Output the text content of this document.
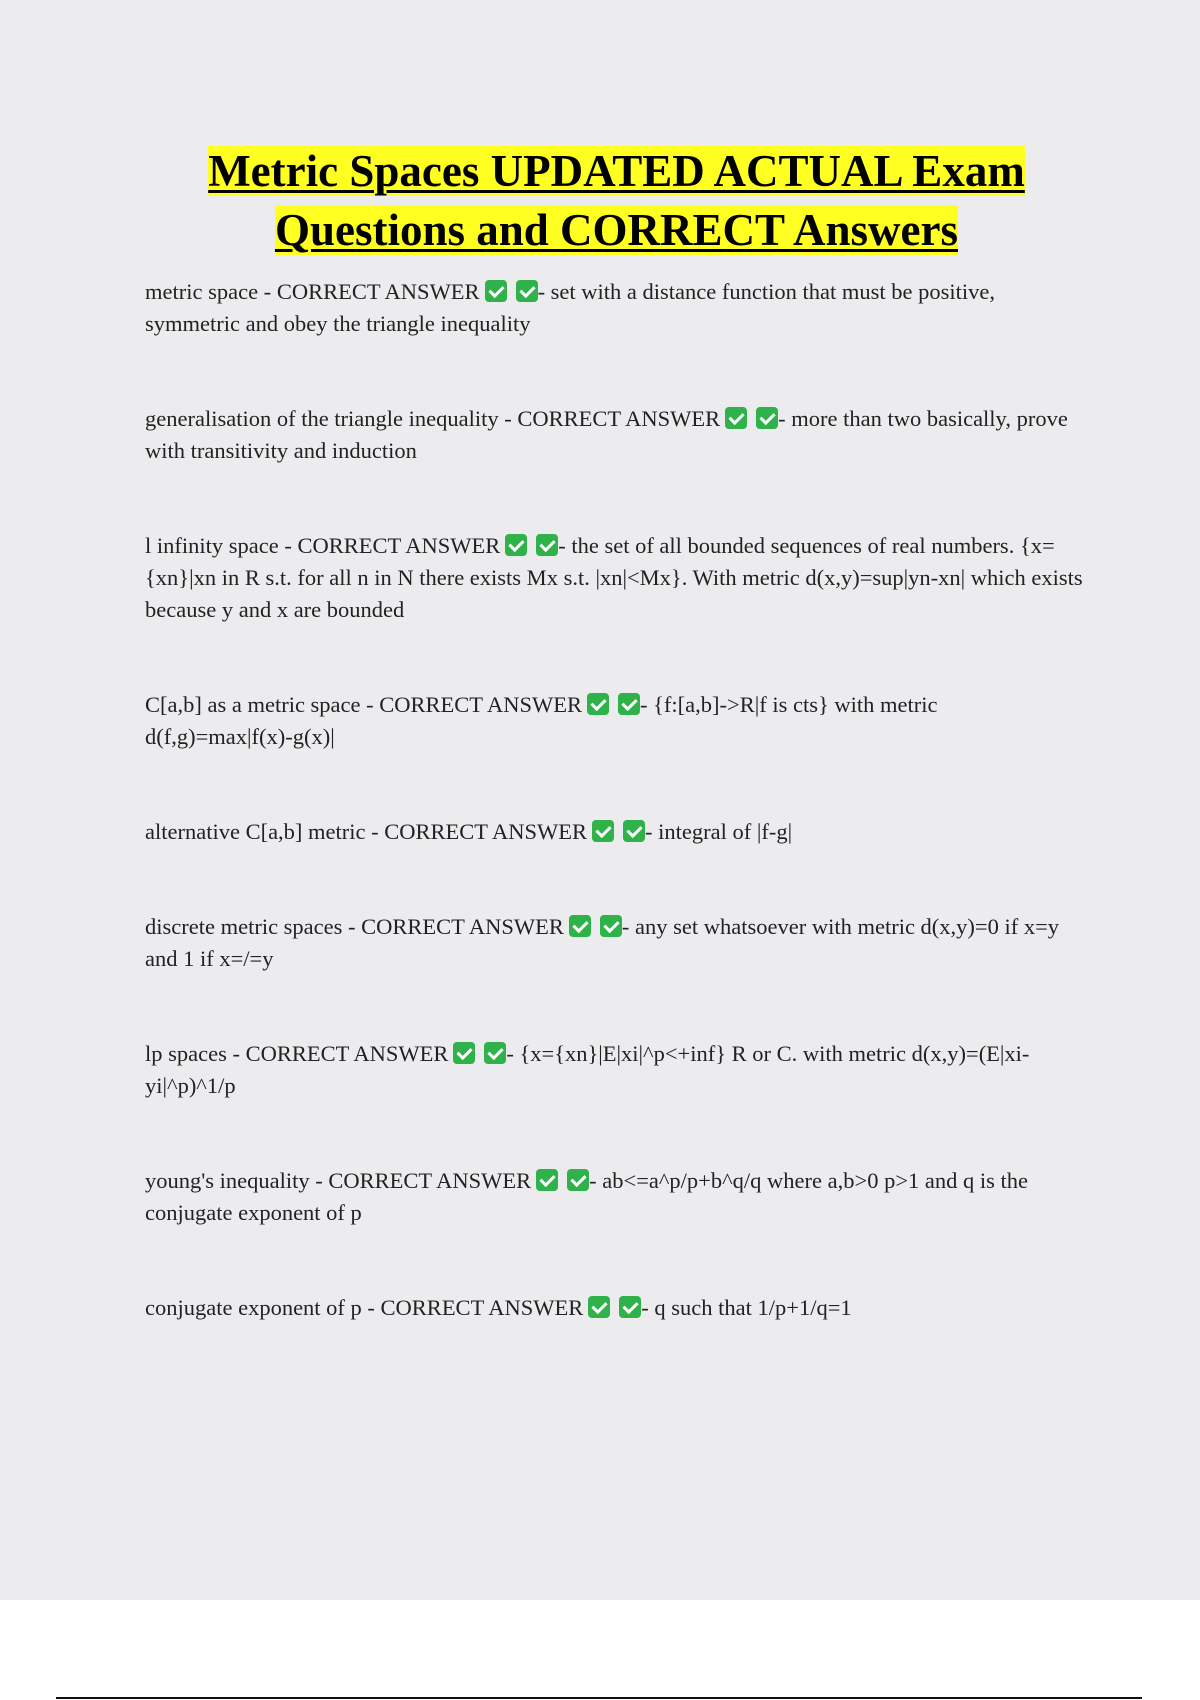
Metric Spaces UPDATED ACTUAL Exam
Questions and CORRECT Answers

metric space - CORRECT ANSWER	- set with a distance function that must be positive, symmetric and obey the triangle inequality

generalisation of the triangle inequality - CORRECT ANSWER	- more than two basically, prove with transitivity and induction

l infinity space - CORRECT ANSWER	- the set of all bounded sequences of real numbers. {x={xn}|xn in R s.t. for all n in N there exists Mx s.t. |xn|<Mx}. With metric d(x,y)=sup|yn-xn| which exists because y and x are bounded

C[a,b] as a metric space - CORRECT ANSWER	- {f:[a,b]->R|f is cts} with metric d(f,g)=max|f(x)-g(x)|

alternative C[a,b] metric - CORRECT ANSWER	- integral of |f-g|

discrete metric spaces - CORRECT ANSWER	- any set whatsoever with metric d(x,y)=0 if x=y and 1 if x=/=y

lp spaces - CORRECT ANSWER	- {x={xn}|E|xi|^p<+inf} R or C. with metric d(x,y)=(E|xi-yi|^p)^1/p

young's inequality - CORRECT ANSWER	- ab<=a^p/p+b^q/q where a,b>0 p>1 and q is the conjugate exponent of p

conjugate exponent of p - CORRECT ANSWER	- q such that 1/p+1/q=1
